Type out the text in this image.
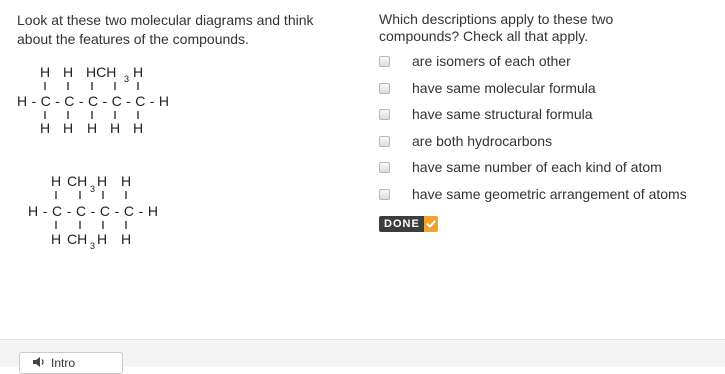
Look at these two molecular diagrams and think
about the features of the compounds.
H H HCH 3 H
H-C-C-C-C-C-H
H H H H H
H CH 3 H H
H-C-C-C-C-H
H CH 3 H H
Which descriptions apply to these two
compounds? Check all that apply.
are isomers of each other
have same molecular formula
have same structural formula
are both hydrocarbons
have same number of each kind of atom
have same geometric arrangement of atoms
DONE
Intro
